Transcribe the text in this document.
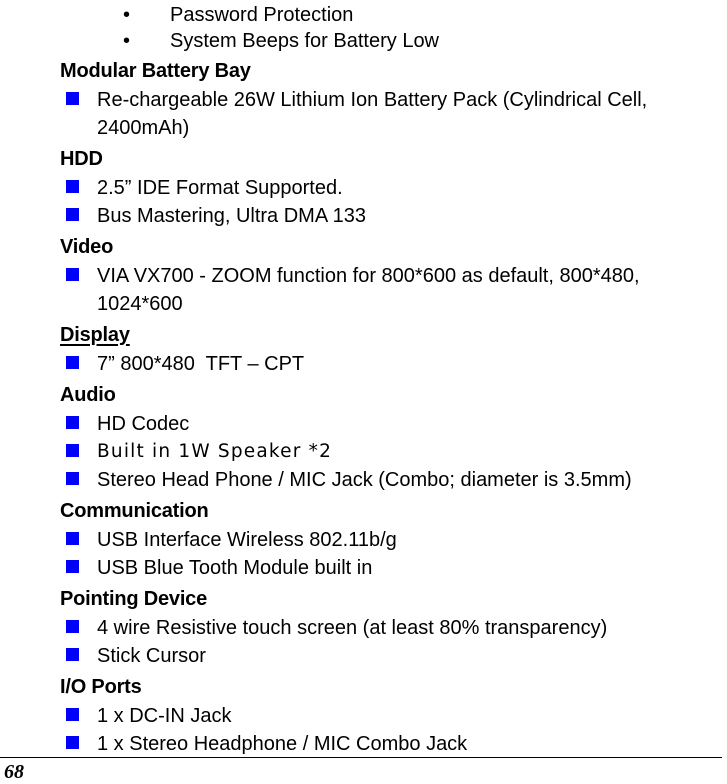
•	Password Protection
•	System Beeps for Battery Low
Modular Battery Bay
Re-chargeable 26W Lithium Ion Battery Pack (Cylindrical Cell, 2400mAh)
HDD
2.5” IDE Format Supported.
Bus Mastering, Ultra DMA 133
Video
VIA VX700 - ZOOM function for 800*600 as default, 800*480, 1024*600
Display
7” 800*480  TFT – CPT
Audio
HD Codec
Built in 1W Speaker *2
Stereo Head Phone / MIC Jack (Combo; diameter is 3.5mm)
Communication
USB Interface Wireless 802.11b/g
USB Blue Tooth Module built in
Pointing Device
4 wire Resistive touch screen (at least 80% transparency)
Stick Cursor
I/O Ports
1 x DC-IN Jack
1 x Stereo Headphone / MIC Combo Jack
68
